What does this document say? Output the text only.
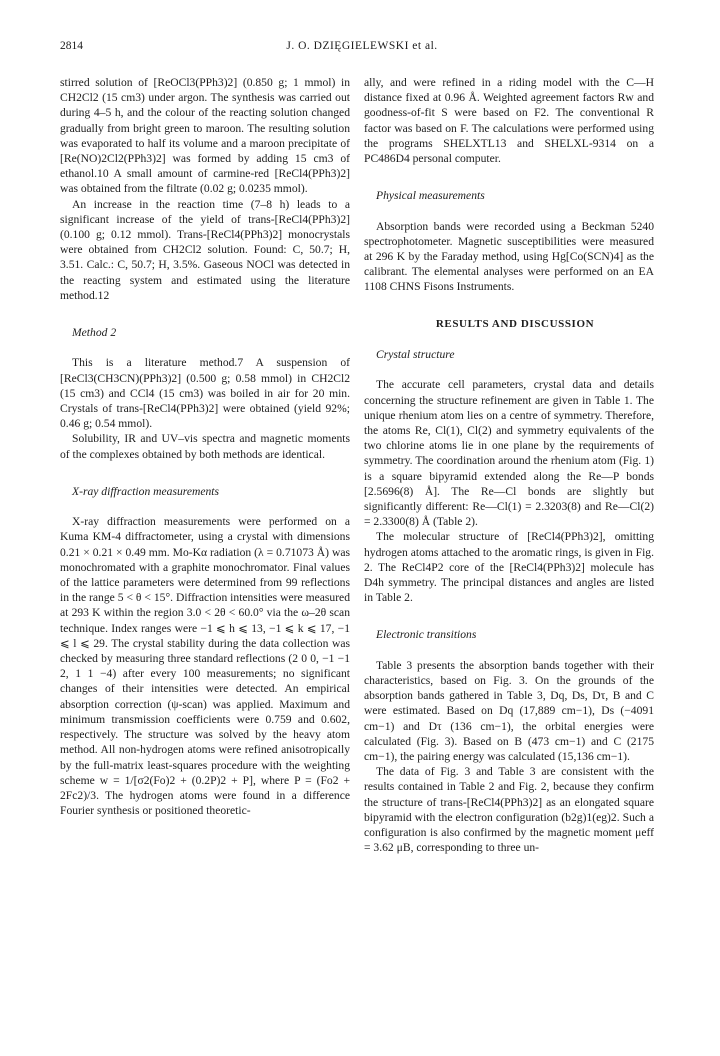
2814	J. O. DZIĘGIELEWSKI et al.

stirred solution of [ReOCl3(PPh3)2] (0.850 g; 1 mmol) in CH2Cl2 (15 cm3) under argon. The synthesis was carried out during 4–5 h, and the colour of the reacting solution changed gradually from bright green to maroon. The resulting solution was evaporated to half its volume and a maroon precipitate of [Re(NO)2Cl2(PPh3)2] was formed by adding 15 cm3 of ethanol.10 A small amount of carmine-red [ReCl4(PPh3)2] was obtained from the filtrate (0.02 g; 0.0235 mmol).

An increase in the reaction time (7–8 h) leads to a significant increase of the yield of trans-[ReCl4(PPh3)2] (0.100 g; 0.12 mmol). Trans-[ReCl4(PPh3)2] monocrystals were obtained from CH2Cl2 solution. Found: C, 50.7; H, 3.51. Calc.: C, 50.7; H, 3.5%. Gaseous NOCl was detected in the reacting system and estimated using the literature method.12

Method 2

This is a literature method.7 A suspension of [ReCl3(CH3CN)(PPh3)2] (0.500 g; 0.58 mmol) in CH2Cl2 (15 cm3) and CCl4 (15 cm3) was boiled in air for 20 min. Crystals of trans-[ReCl4(PPh3)2] were obtained (yield 92%; 0.46 g; 0.54 mmol).

Solubility, IR and UV–vis spectra and magnetic moments of the complexes obtained by both methods are identical.

X-ray diffraction measurements

X-ray diffraction measurements were performed on a Kuma KM-4 diffractometer, using a crystal with dimensions 0.21 × 0.21 × 0.49 mm. Mo-Kα radiation (λ = 0.71073 Å) was monochromated with a graphite monochromator. Final values of the lattice parameters were determined from 99 reflections in the range 5 < θ < 15°. Diffraction intensities were measured at 293 K within the region 3.0 < 2θ < 60.0° via the ω–2θ scan technique. Index ranges were −1 ⩽ h ⩽ 13, −1 ⩽ k ⩽ 17, −1 ⩽ l ⩽ 29. The crystal stability during the data collection was checked by measuring three standard reflections (2 0 0, −1 −1 2, 1 1 −4) after every 100 measurements; no significant changes of their intensities were detected. An empirical absorption correction (ψ-scan) was applied. Maximum and minimum transmission coefficients were 0.759 and 0.602, respectively. The structure was solved by the heavy atom method. All non-hydrogen atoms were refined anisotropically by the full-matrix least-squares procedure with the weighting scheme w = 1/[σ2(Fo)2 + (0.2P)2 + P], where P = (Fo2 + 2Fc2)/3. The hydrogen atoms were found in a difference Fourier synthesis or positioned theoretic-

ally, and were refined in a riding model with the C—H distance fixed at 0.96 Å. Weighted agreement factors Rw and goodness-of-fit S were based on F2. The conventional R factor was based on F. The calculations were performed using the programs SHELXTL13 and SHELXL-9314 on a PC486D4 personal computer.

Physical measurements

Absorption bands were recorded using a Beckman 5240 spectrophotometer. Magnetic susceptibilities were measured at 296 K by the Faraday method, using Hg[Co(SCN)4] as the calibrant. The elemental analyses were performed on an EA 1108 CHNS Fisons Instruments.

RESULTS AND DISCUSSION

Crystal structure

The accurate cell parameters, crystal data and details concerning the structure refinement are given in Table 1. The unique rhenium atom lies on a centre of symmetry. Therefore, the atoms Re, Cl(1), Cl(2) and symmetry equivalents of the two chlorine atoms lie in one plane by the requirements of symmetry. The coordination around the rhenium atom (Fig. 1) is a square bipyramid extended along the Re—P bonds [2.5696(8) Å]. The Re—Cl bonds are slightly but significantly different: Re—Cl(1) = 2.3203(8) and Re—Cl(2) = 2.3300(8) Å (Table 2).

The molecular structure of [ReCl4(PPh3)2], omitting hydrogen atoms attached to the aromatic rings, is given in Fig. 2. The ReCl4P2 core of the [ReCl4(PPh3)2] molecule has D4h symmetry. The principal distances and angles are listed in Table 2.

Electronic transitions

Table 3 presents the absorption bands together with their characteristics, based on Fig. 3. On the grounds of the absorption bands gathered in Table 3, Dq, Ds, Dτ, B and C were estimated. Based on Dq (17,889 cm−1), Ds (−4091 cm−1) and Dτ (136 cm−1), the orbital energies were calculated (Fig. 3). Based on B (473 cm−1) and C (2175 cm−1), the pairing energy was calculated (15,136 cm−1).

The data of Fig. 3 and Table 3 are consistent with the results contained in Table 2 and Fig. 2, because they confirm the structure of trans-[ReCl4(PPh3)2] as an elongated square bipyramid with the electron configuration (b2g)1(eg)2. Such a configuration is also confirmed by the magnetic moment μeff = 3.62 μB, corresponding to three un-
